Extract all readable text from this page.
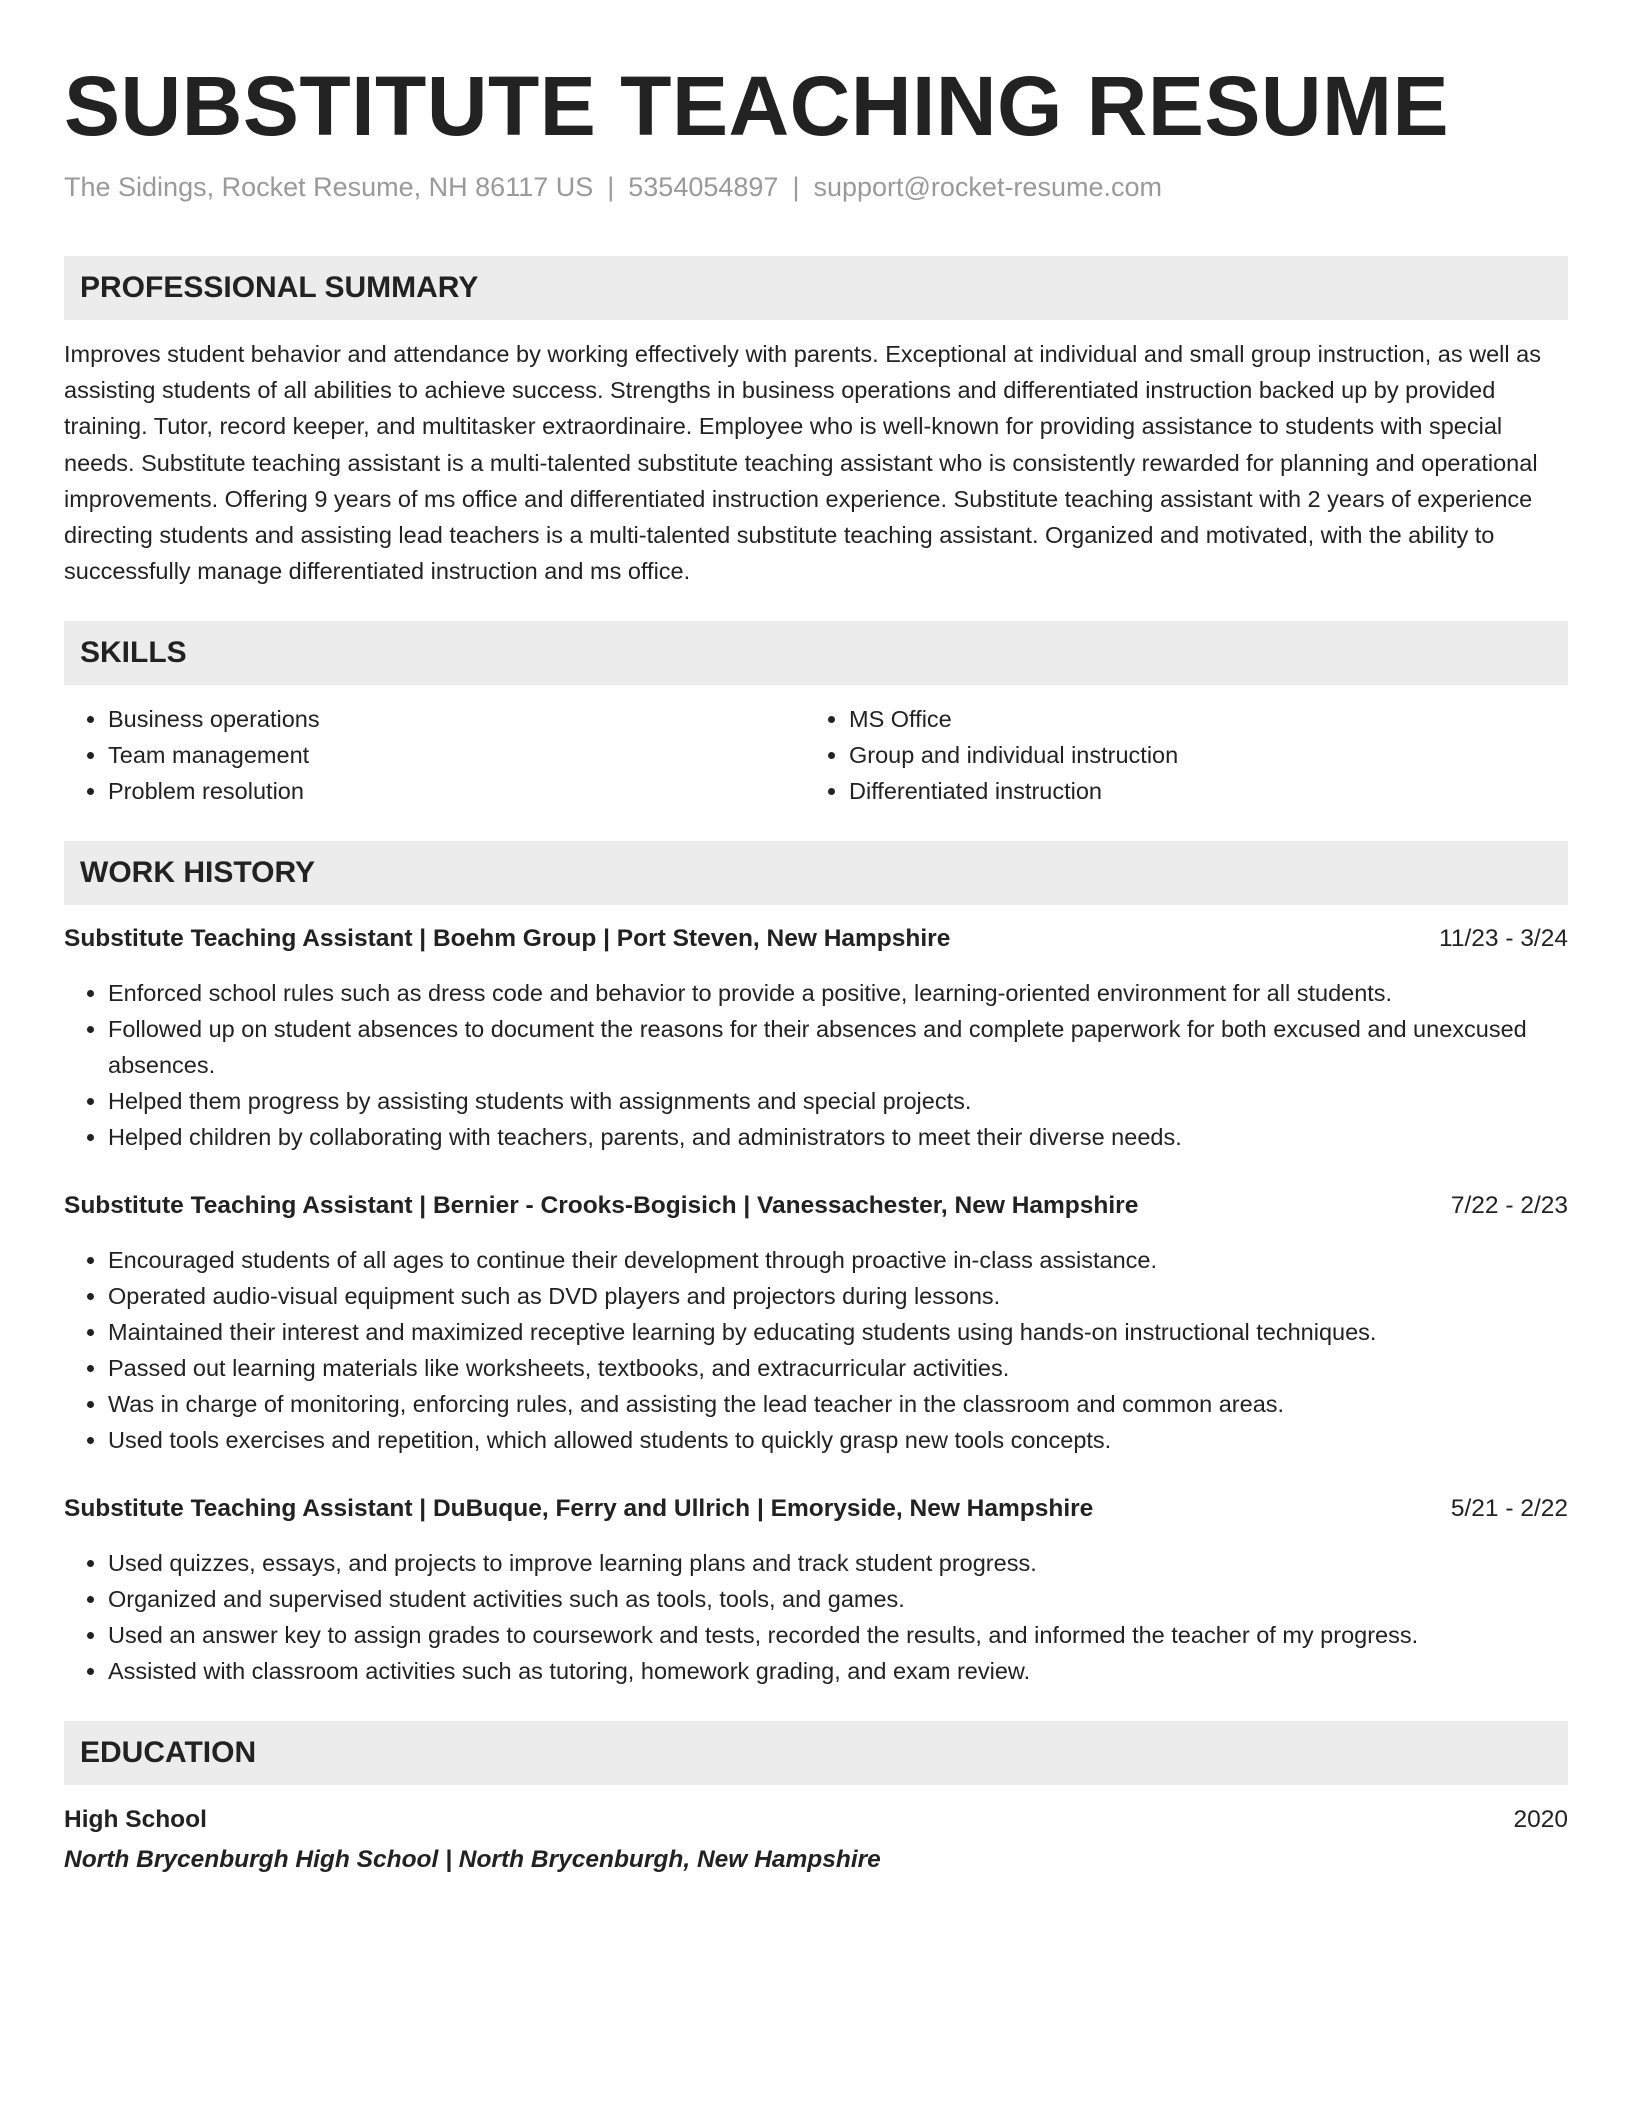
SUBSTITUTE TEACHING RESUME
The Sidings, Rocket Resume, NH 86117 US | 5354054897 | support@rocket-resume.com
PROFESSIONAL SUMMARY

Improves student behavior and attendance by working effectively with parents. Exceptional at individual and small group instruction, as well as assisting students of all abilities to achieve success. Strengths in business operations and differentiated instruction backed up by provided training. Tutor, record keeper, and multitasker extraordinaire. Employee who is well-known for providing assistance to students with special needs. Substitute teaching assistant is a multi-talented substitute teaching assistant who is consistently rewarded for planning and operational improvements. Offering 9 years of ms office and differentiated instruction experience. Substitute teaching assistant with 2 years of experience directing students and assisting lead teachers is a multi-talented substitute teaching assistant. Organized and motivated, with the ability to successfully manage differentiated instruction and ms office.

SKILLS
• Business operations
• Team management
• Problem resolution
• MS Office
• Group and individual instruction
• Differentiated instruction
WORK HISTORY
Substitute Teaching Assistant | Boehm Group | Port Steven, New Hampshire	11/23 - 3/24
• Enforced school rules such as dress code and behavior to provide a positive, learning-oriented environment for all students.
• Followed up on student absences to document the reasons for their absences and complete paperwork for both excused and unexcused absences.
• Helped them progress by assisting students with assignments and special projects.
• Helped children by collaborating with teachers, parents, and administrators to meet their diverse needs.
Substitute Teaching Assistant | Bernier - Crooks-Bogisich | Vanessachester, New Hampshire	7/22 - 2/23
• Encouraged students of all ages to continue their development through proactive in-class assistance.
• Operated audio-visual equipment such as DVD players and projectors during lessons.
• Maintained their interest and maximized receptive learning by educating students using hands-on instructional techniques.
• Passed out learning materials like worksheets, textbooks, and extracurricular activities.
• Was in charge of monitoring, enforcing rules, and assisting the lead teacher in the classroom and common areas.
• Used tools exercises and repetition, which allowed students to quickly grasp new tools concepts.
Substitute Teaching Assistant | DuBuque, Ferry and Ullrich | Emoryside, New Hampshire	5/21 - 2/22
• Used quizzes, essays, and projects to improve learning plans and track student progress.
• Organized and supervised student activities such as tools, tools, and games.
• Used an answer key to assign grades to coursework and tests, recorded the results, and informed the teacher of my progress.
• Assisted with classroom activities such as tutoring, homework grading, and exam review.
EDUCATION
High School	2020
North Brycenburgh High School | North Brycenburgh, New Hampshire
